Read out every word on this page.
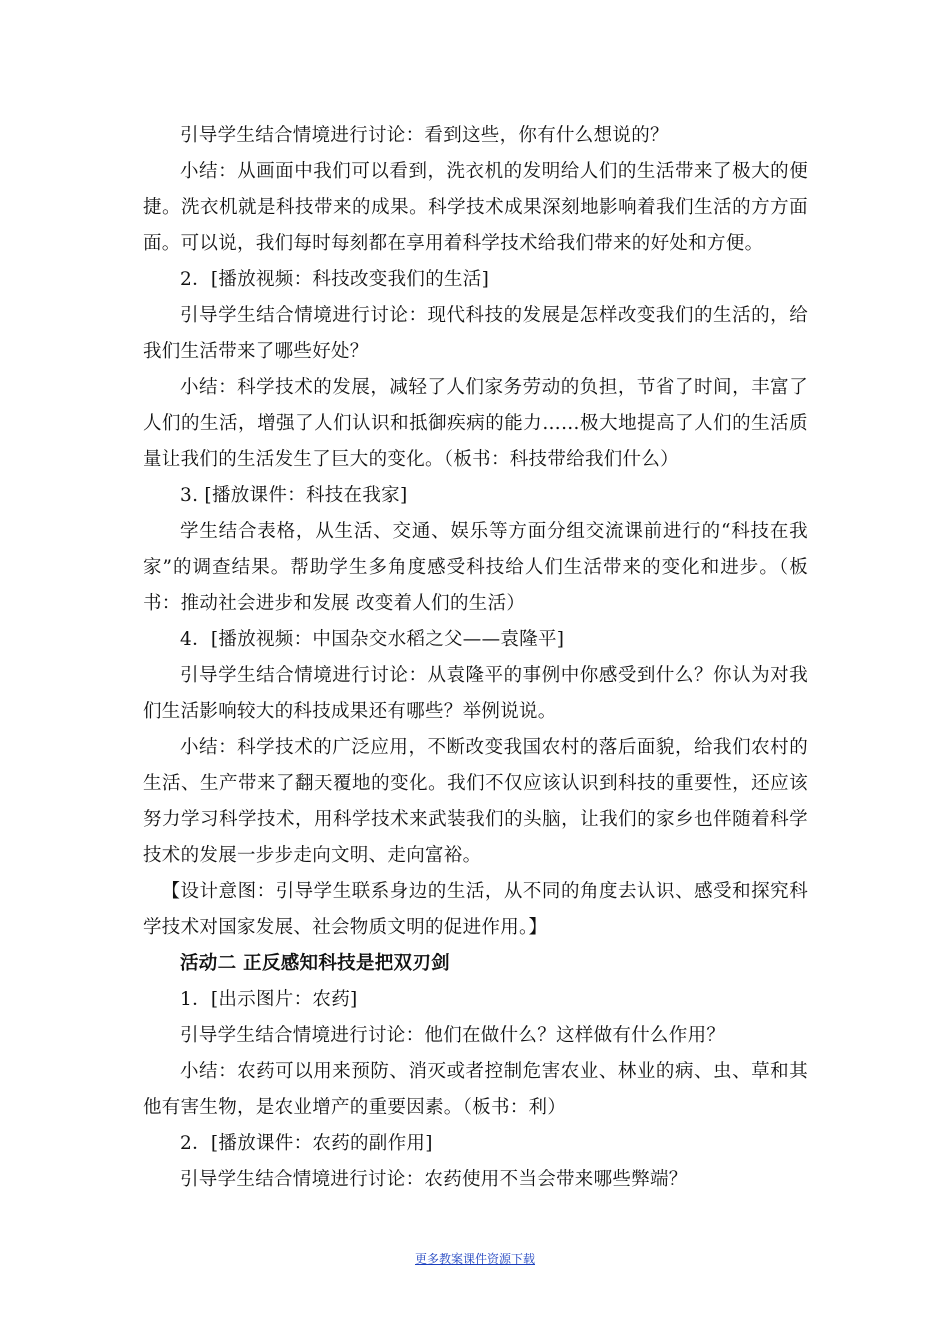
引导学生结合情境进行讨论：看到这些，你有什么想说的？

小结：从画面中我们可以看到，洗衣机的发明给人们的生活带来了极大的便捷。洗衣机就是科技带来的成果。科学技术成果深刻地影响着我们生活的方方面面。可以说，我们每时每刻都在享用着科学技术给我们带来的好处和方便。

2．[播放视频：科技改变我们的生活]

引导学生结合情境进行讨论：现代科技的发展是怎样改变我们的生活的，给我们生活带来了哪些好处？

小结：科学技术的发展，减轻了人们家务劳动的负担，节省了时间，丰富了人们的生活，增强了人们认识和抵御疾病的能力……极大地提高了人们的生活质量让我们的生活发生了巨大的变化。（板书：科技带给我们什么）

3. [播放课件：科技在我家]

学生结合表格，从生活、交通、娱乐等方面分组交流课前进行的“科技在我家”的调查结果。帮助学生多角度感受科技给人们生活带来的变化和进步。（板书：推动社会进步和发展 改变着人们的生活）

4．[播放视频：中国杂交水稻之父——袁隆平]

引导学生结合情境进行讨论：从袁隆平的事例中你感受到什么？你认为对我们生活影响较大的科技成果还有哪些？举例说说。

小结：科学技术的广泛应用，不断改变我国农村的落后面貌，给我们农村的生活、生产带来了翻天覆地的变化。我们不仅应该认识到科技的重要性，还应该努力学习科学技术，用科学技术来武装我们的头脑，让我们的家乡也伴随着科学技术的发展一步步走向文明、走向富裕。

【设计意图：引导学生联系身边的生活，从不同的角度去认识、感受和探究科学技术对国家发展、社会物质文明的促进作用。】

活动二 正反感知科技是把双刃剑

1．[出示图片：农药]

引导学生结合情境进行讨论：他们在做什么？这样做有什么作用？

小结：农药可以用来预防、消灭或者控制危害农业、林业的病、虫、草和其他有害生物，是农业增产的重要因素。（板书：利）

2．[播放课件：农药的副作用]

引导学生结合情境进行讨论：农药使用不当会带来哪些弊端？

更多教案课件资源下载
